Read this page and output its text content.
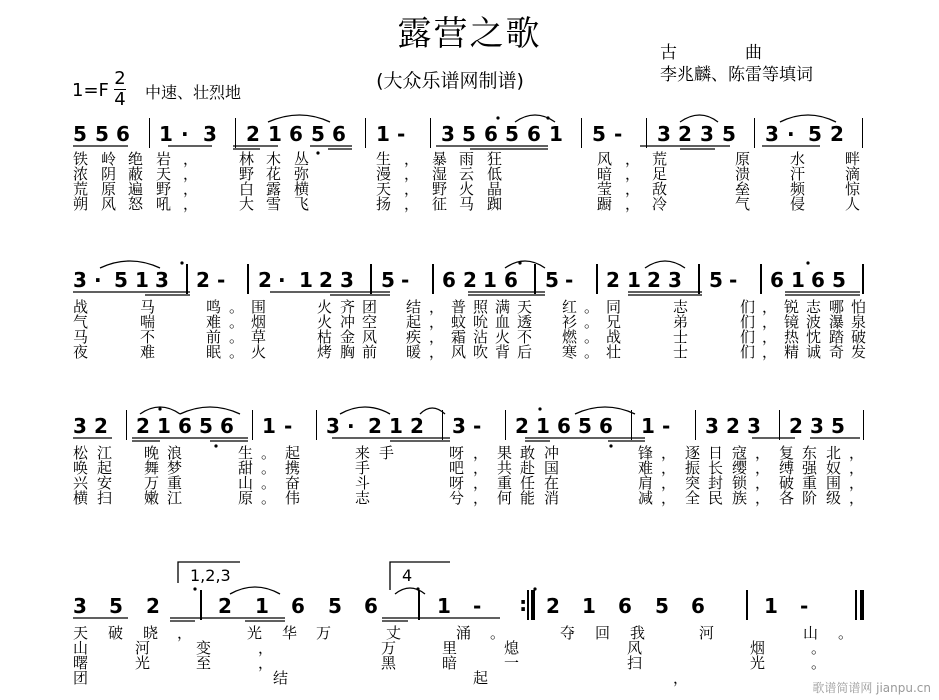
露营之歌
(大众乐谱网制谱)
古　　　　曲
李兆麟、陈雷等填词
1=F
2
4 中速、壮烈地
5 5 6 1 · 3 2 1 6 5 6 1 - 3 5 6 5 6 1 5 - 3 2 3 5 3 · 5 2
铁 岭 绝 岩 ，	林 木 丛	生 ， 暴 雨 狂	风 ， 荒	原	水	畔
浓 阴 蔽 天 ，	野 花 弥	漫 ， 湿 云 低	暗 ， 足	溃	汗	滴
荒 原 遍 野 ，	白 露 横	天 ， 野 火 晶	莹 ， 敌	垒	频	惊
朔 风 怒 吼 ，	大 雪 飞	扬 ， 征 马 踟	蹰 ， 冷	气	侵	人
3 · 5 1 3 2 - 2 · 1 2 3 5 - 6 2 1 6 5 - 2 1 2 3 5 - 6 1 6 5
战	马	鸣 。 围	火 齐 团 结 ， 普 照 满 天 红 。 同	志	们 ， 锐 志 哪 怕
气	喘	难 。 烟	火 冲 空 起 ， 蚊 吮 血 透 衫 。 兄	弟	们 ， 镜 波 瀑 泉
马	不	前 。 草	枯 金 风 疾 ， 霜 沾 火 不 燃 。 战	士	们 ， 热 忱 踏 破
夜	难	眠 。 火	烤 胸 前 暖 ， 风 吹 背 后 寒 。 壮	士	们 ， 精 诚 奇 发
3 2 2 1 6 5 6 1 - 3 · 2 1 2 3 - 2 1 6 5 6 1 - 3 2 3 2 3 5
松 江 晚 浪	生 。 起	来 手	呀 ， 果 敢 冲	锋 ， 逐 日 寇 ， 复 东 北 ，
唤 起 舞 梦	甜 。 携	手	吧 ， 共 赴 国	难 ， 振 长 缨 ， 缚 强 奴 ，
兴 安 万 重	山 。 奋	斗	呀 ， 重 任 在	肩 ， 突 封 锁 ， 破 重 围 ，
横 扫 嫩 江	原 。 伟	志	兮 ， 何 能 消	减 ， 全 民 族 ， 各 阶 级 ，
1,2,3	4
3 5 2	2 1 6 5 6	1 - : 2 1 6 5 6	1 -
天 破 晓 ，	光 华 万	丈	涌 。	夺 回 我	河	山 。
山	河	变	，	万	里	熄	风	烟	。
曙	光	至	，	黑	暗	一	扫	光	。
团	结	起	，
歌谱简谱网 jianpu.cn
